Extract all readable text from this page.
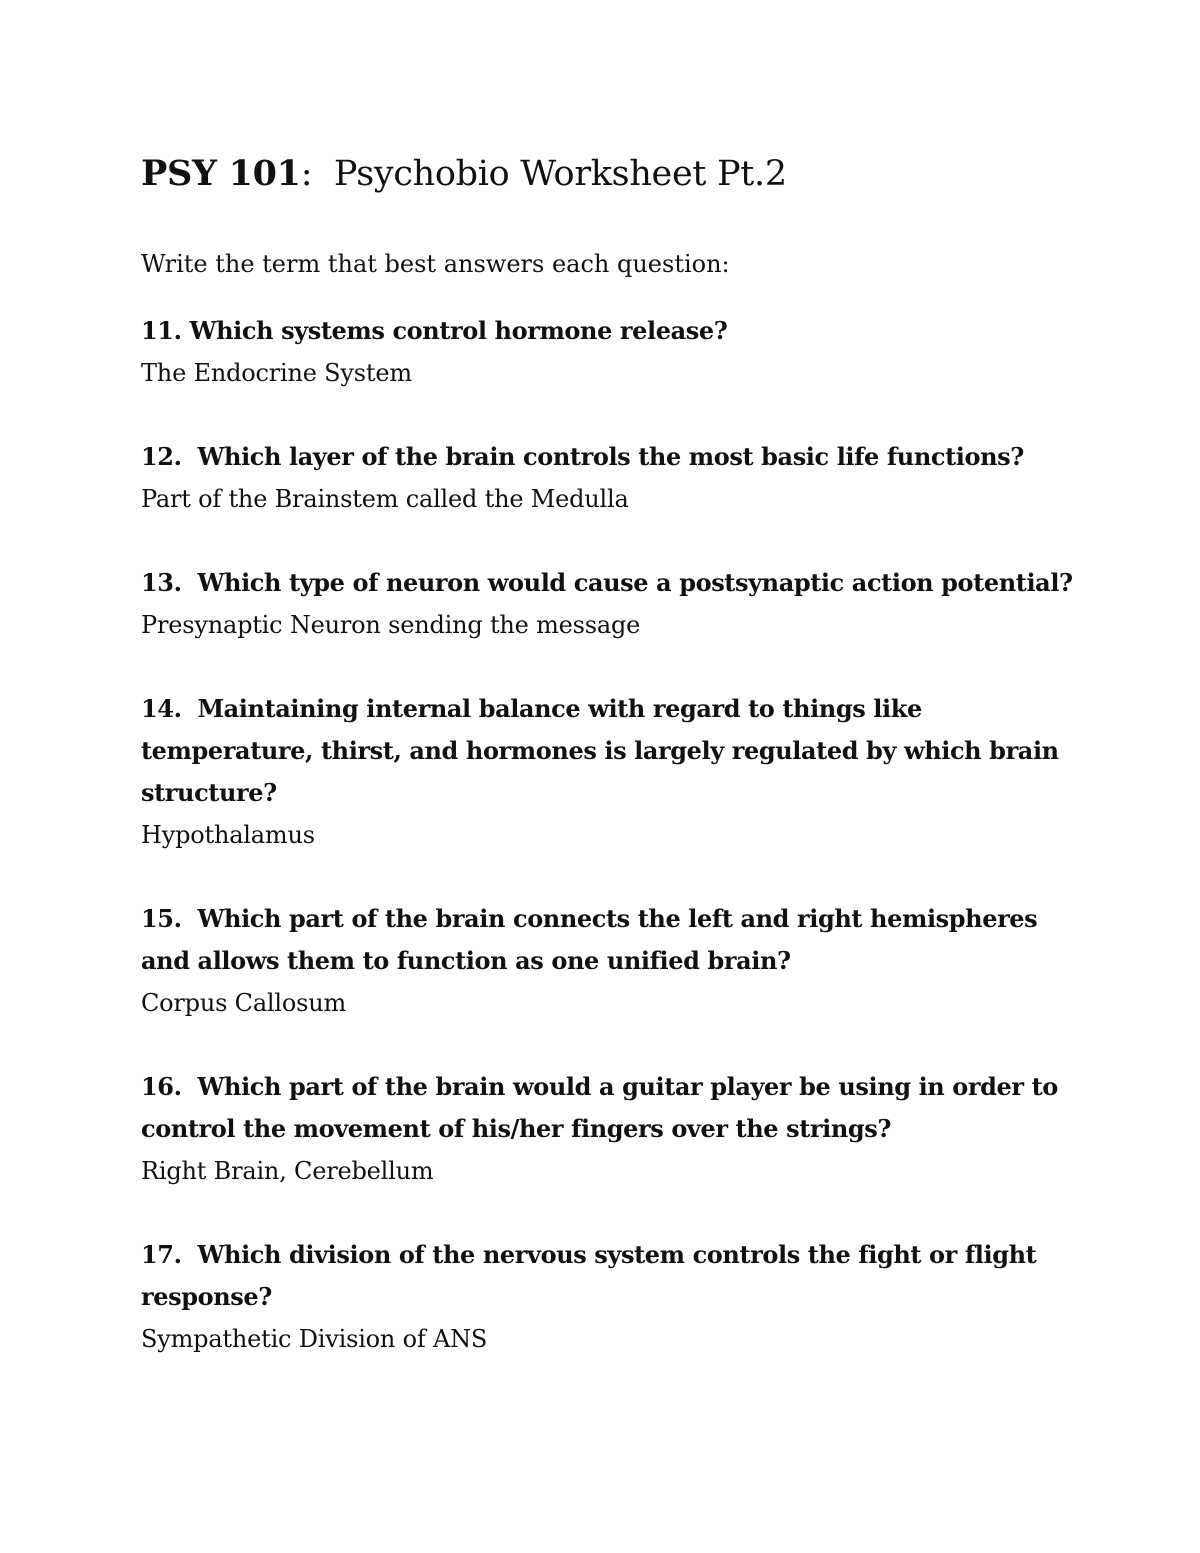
PSY 101: Psychobio Worksheet Pt.2

Write the term that best answers each question:

11. Which systems control hormone release?
The Endocrine System
12. Which layer of the brain controls the most basic life functions?
Part of the Brainstem called the Medulla
13. Which type of neuron would cause a postsynaptic action potential?
Presynaptic Neuron sending the message
14. Maintaining internal balance with regard to things like temperature, thirst, and hormones is largely regulated by which brain structure?
Hypothalamus
15. Which part of the brain connects the left and right hemispheres and allows them to function as one unified brain?
Corpus Callosum
16. Which part of the brain would a guitar player be using in order to control the movement of his/her fingers over the strings?
Right Brain, Cerebellum
17. Which division of the nervous system controls the fight or flight response?
Sympathetic Division of ANS
